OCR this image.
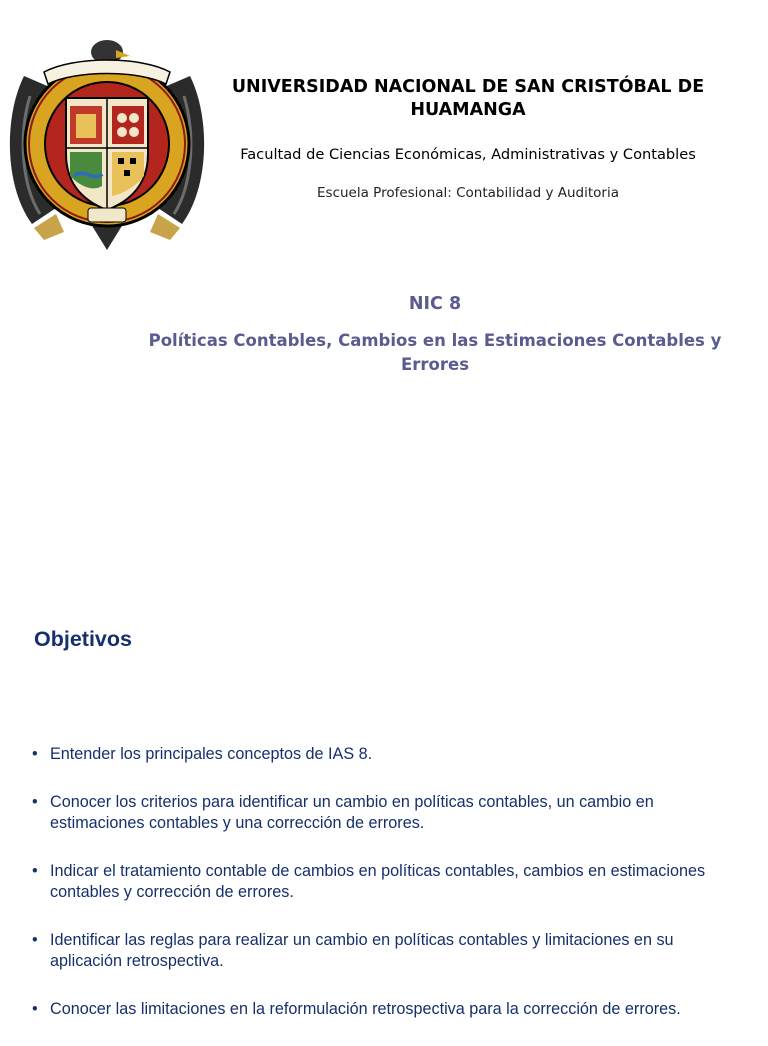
UNIVERSIDAD NACIONAL DE SAN CRISTÓBAL DE HUAMANGA

Facultad de Ciencias Económicas, Administrativas y Contables

Escuela Profesional: Contabilidad y Auditoria

NIC 8
Políticas Contables, Cambios en las Estimaciones Contables y Errores
Objetivos
• Entender los principales conceptos de IAS 8.
• Conocer los criterios para identificar un cambio en políticas contables, un cambio en estimaciones contables y una corrección de errores.
• Indicar el tratamiento contable de cambios en políticas contables, cambios en estimaciones contables y corrección de errores.
• Identificar las reglas para realizar un cambio en políticas contables y limitaciones en su aplicación retrospectiva.
• Conocer las limitaciones en la reformulación retrospectiva para la corrección de errores.
